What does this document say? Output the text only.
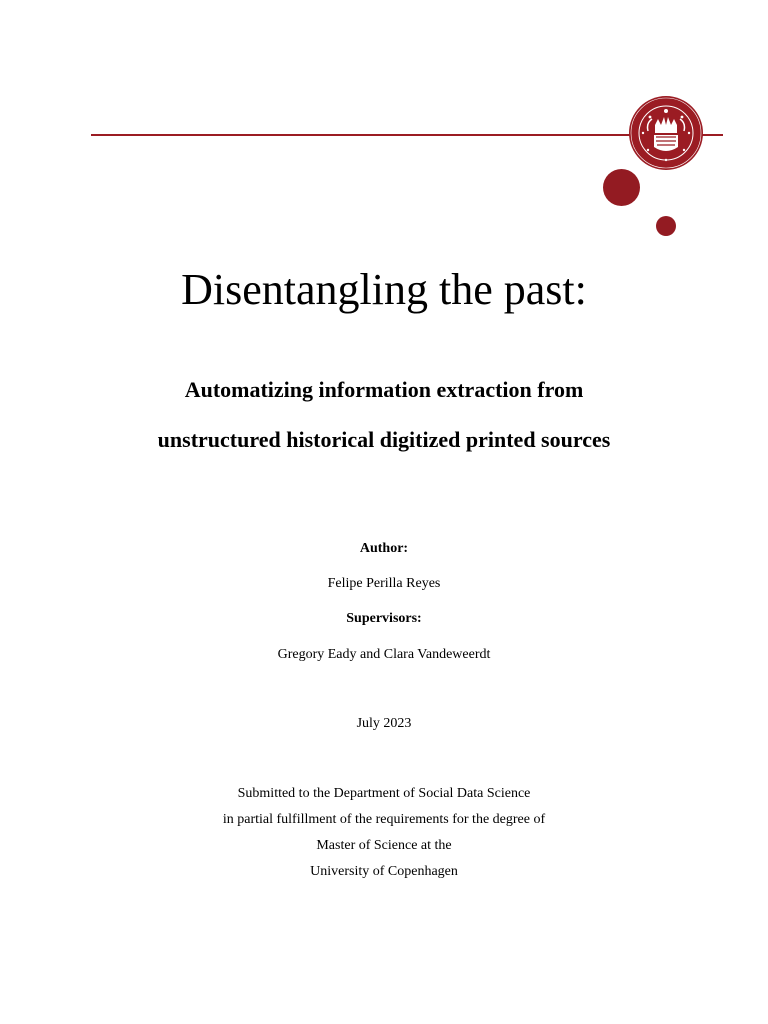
Disentangling the past:
Automatizing information extraction from
unstructured historical digitized printed sources
Author:
Felipe Perilla Reyes
Supervisors:
Gregory Eady and Clara Vandeweerdt
July 2023
Submitted to the Department of Social Data Science
in partial fulfillment of the requirements for the degree of
Master of Science at the
University of Copenhagen
